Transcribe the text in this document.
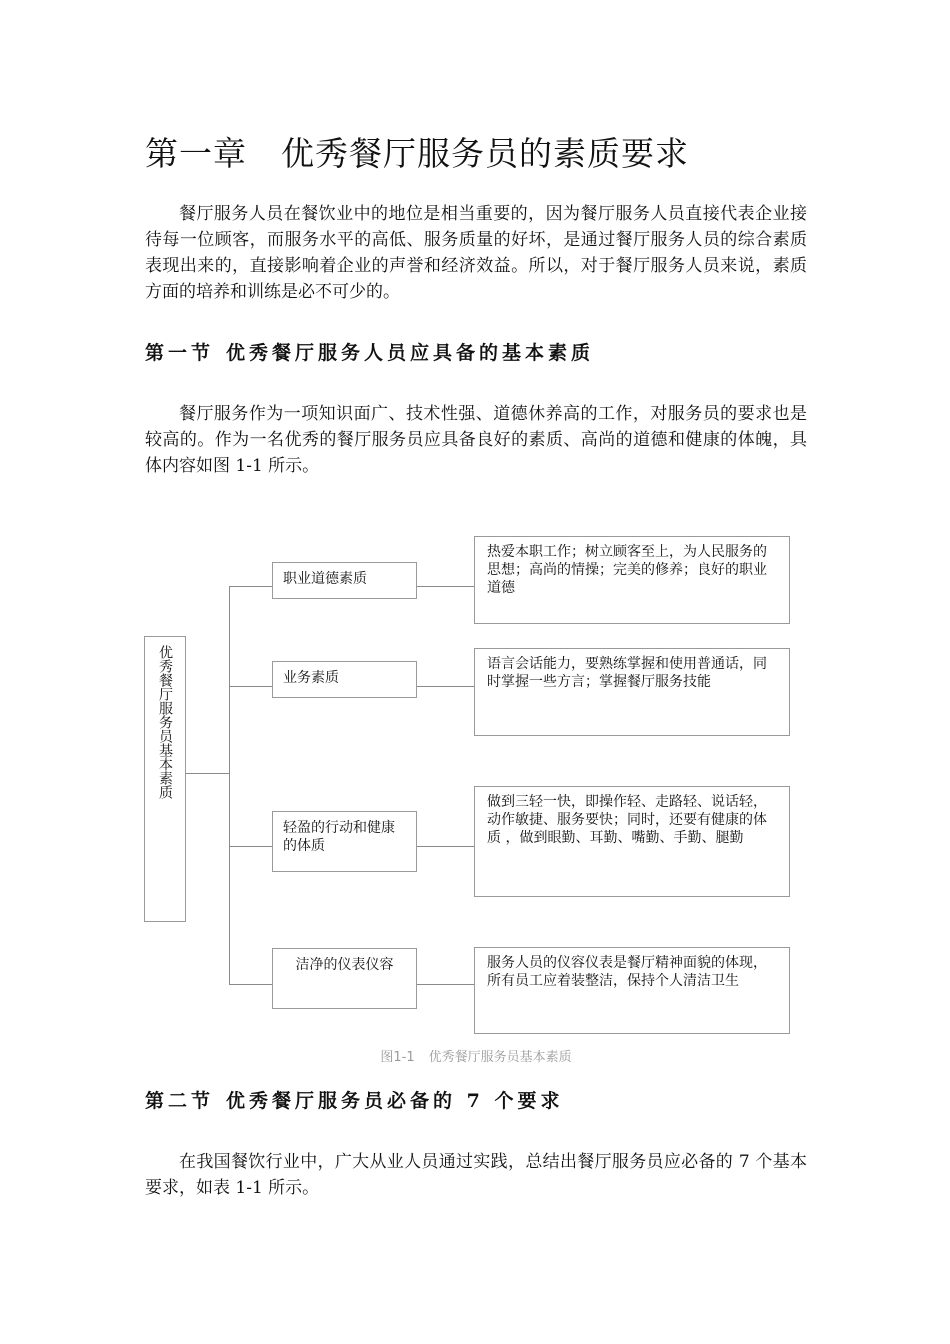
第一章 优秀餐厅服务员的素质要求

餐厅服务人员在餐饮业中的地位是相当重要的，因为餐厅服务人员直接代表企业接待每一位顾客，而服务水平的高低、服务质量的好坏，是通过餐厅服务人员的综合素质表现出来的，直接影响着企业的声誉和经济效益。所以，对于餐厅服务人员来说，素质方面的培养和训练是必不可少的。

第一节 优秀餐厅服务人员应具备的基本素质

餐厅服务作为一项知识面广、技术性强、道德休养高的工作，对服务员的要求也是较高的。作为一名优秀的餐厅服务员应具备良好的素质、高尚的道德和健康的体魄，具体内容如图 1-1 所示。

优秀餐厅服务员基本素质
职业道德素质
业务素质
轻盈的行动和健康的体质
洁净的仪表仪容
热爱本职工作；树立顾客至上，为人民服务的思想；高尚的情操；完美的修养；良好的职业道德
语言会话能力，要熟练掌握和使用普通话，同时掌握一些方言；掌握餐厅服务技能
做到三轻一快，即操作轻、走路轻、说话轻，动作敏捷、服务要快；同时，还要有健康的体质 ，做到眼勤、耳勤、嘴勤、手勤、腿勤
服务人员的仪容仪表是餐厅精神面貌的体现，所有员工应着装整洁，保持个人清洁卫生
图1-1 优秀餐厅服务员基本素质
第二节 优秀餐厅服务员必备的 7 个要求

在我国餐饮行业中，广大从业人员通过实践，总结出餐厅服务员应必备的 7 个基本要求，如表 1-1 所示。
